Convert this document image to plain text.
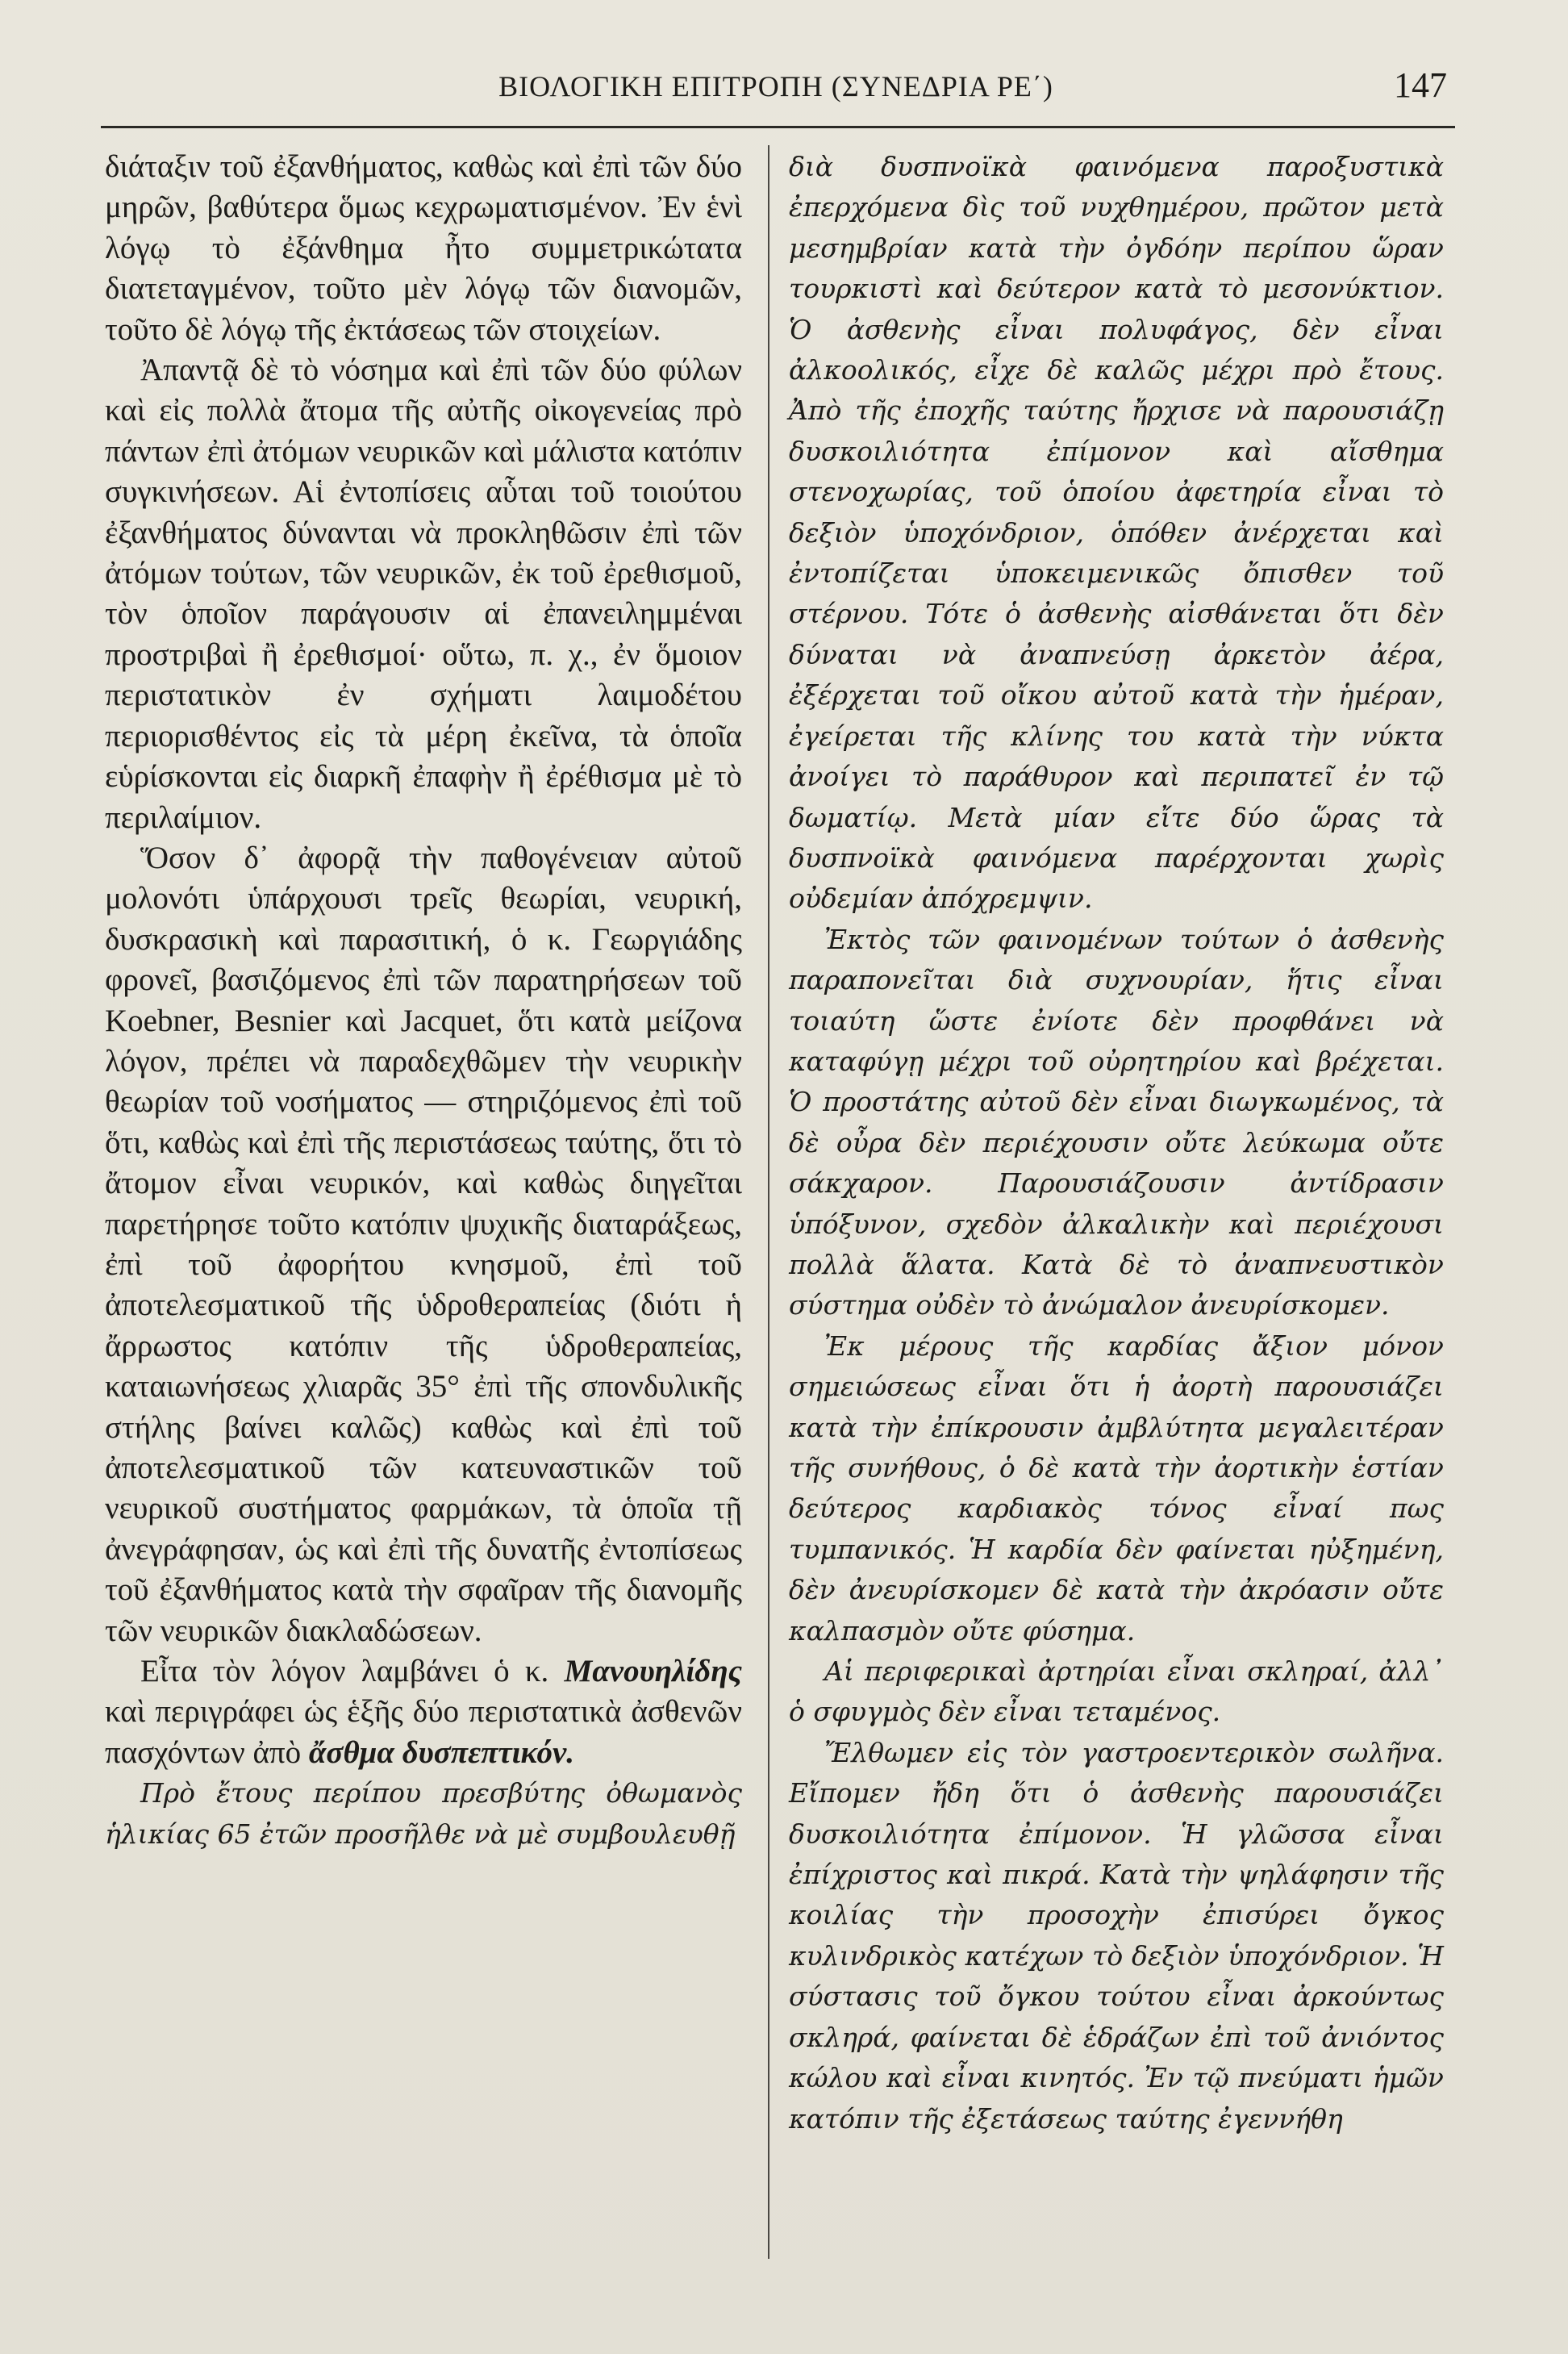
ΒΙΟΛΟΓΙΚΗ ΕΠΙΤΡΟΠΗ (ΣΥΝΕΔΡΙΑ ΡΕ΄)	147

διάταξιν τοῦ ἐξανθήματος, καθὼς καὶ ἐπὶ τῶν δύο μηρῶν, βαθύτερα ὅμως κεχρωματισμένον. Ἐν ἑνὶ λόγῳ τὸ ἐξάνθημα ἦτο συμμετρικώτατα διατεταγμένον, τοῦτο μὲν λόγῳ τῶν διανομῶν, τοῦτο δὲ λόγῳ τῆς ἐκτάσεως τῶν στοιχείων.

Ἀπαντᾷ δὲ τὸ νόσημα καὶ ἐπὶ τῶν δύο φύλων καὶ εἰς πολλὰ ἄτομα τῆς αὐτῆς οἰκογενείας πρὸ πάντων ἐπὶ ἀτόμων νευρικῶν καὶ μάλιστα κατόπιν συγκινήσεων. Αἱ ἐντοπίσεις αὗται τοῦ τοιούτου ἐξανθήματος δύνανται νὰ προκληθῶσιν ἐπὶ τῶν ἀτόμων τούτων, τῶν νευρικῶν, ἐκ τοῦ ἐρεθισμοῦ, τὸν ὁποῖον παράγουσιν αἱ ἐπανειλημμέναι προστριβαὶ ἢ ἐρεθισμοί· οὕτω, π. χ., ἐν ὅμοιον περιστατικὸν ἐν σχήματι λαιμοδέτου περιορισθέντος εἰς τὰ μέρη ἐκεῖνα, τὰ ὁποῖα εὑρίσκονται εἰς διαρκῆ ἐπαφὴν ἢ ἐρέθισμα μὲ τὸ περιλαίμιον.

Ὅσον δ᾽ ἀφορᾷ τὴν παθογένειαν αὐτοῦ μολονότι ὑπάρχουσι τρεῖς θεωρίαι, νευρική, δυσκρασικὴ καὶ παρασιτική, ὁ κ. Γεωργιάδης φρονεῖ, βασιζόμενος ἐπὶ τῶν παρατηρήσεων τοῦ Koebner, Besnier καὶ Jacquet, ὅτι κατὰ μείζονα λόγον, πρέπει νὰ παραδεχθῶμεν τὴν νευρικὴν θεωρίαν τοῦ νοσήματος — στηριζόμενος ἐπὶ τοῦ ὅτι, καθὼς καὶ ἐπὶ τῆς περιστάσεως ταύτης, ὅτι τὸ ἄτομον εἶναι νευρικόν, καὶ καθὼς διηγεῖται παρετήρησε τοῦτο κατόπιν ψυχικῆς διαταράξεως, ἐπὶ τοῦ ἀφορήτου κνησμοῦ, ἐπὶ τοῦ ἀποτελεσματικοῦ τῆς ὑδροθεραπείας (διότι ἡ ἄρρωστος κατόπιν τῆς ὑδροθεραπείας, καταιωνήσεως χλιαρᾶς 35° ἐπὶ τῆς σπονδυλικῆς στήλης βαίνει καλῶς) καθὼς καὶ ἐπὶ τοῦ ἀποτελεσματικοῦ τῶν κατευναστικῶν τοῦ νευρικοῦ συστήματος φαρμάκων, τὰ ὁποῖα τῇ ἀνεγράφησαν, ὡς καὶ ἐπὶ τῆς δυνατῆς ἐντοπίσεως τοῦ ἐξανθήματος κατὰ τὴν σφαῖραν τῆς διανομῆς τῶν νευρικῶν διακλαδώσεων.

Εἶτα τὸν λόγον λαμβάνει ὁ κ. Μανουηλίδης καὶ περιγράφει ὡς ἑξῆς δύο περιστατικὰ ἀσθενῶν πασχόντων ἀπὸ ἄσθμα δυσπεπτικόν.

Πρὸ ἔτους περίπου πρεσβύτης ὀθωμανὸς ἡλικίας 65 ἐτῶν προσῆλθε νὰ μὲ συμβουλευθῇ

διὰ δυσπνοϊκὰ φαινόμενα παροξυστικὰ ἐπερχόμενα δὶς τοῦ νυχθημέρου, πρῶτον μετὰ μεσημβρίαν κατὰ τὴν ὀγδόην περίπου ὥραν τουρκιστὶ καὶ δεύτερον κατὰ τὸ μεσονύκτιον. Ὁ ἀσθενὴς εἶναι πολυφάγος, δὲν εἶναι ἀλκοολικός, εἶχε δὲ καλῶς μέχρι πρὸ ἔτους. Ἀπὸ τῆς ἐποχῆς ταύτης ἤρχισε νὰ παρουσιάζῃ δυσκοιλιότητα ἐπίμονον καὶ αἴσθημα στενοχωρίας, τοῦ ὁποίου ἀφετηρία εἶναι τὸ δεξιὸν ὑποχόνδριον, ὁπόθεν ἀνέρχεται καὶ ἐντοπίζεται ὑποκειμενικῶς ὄπισθεν τοῦ στέρνου. Τότε ὁ ἀσθενὴς αἰσθάνεται ὅτι δὲν δύναται νὰ ἀναπνεύσῃ ἀρκετὸν ἀέρα, ἐξέρχεται τοῦ οἴκου αὐτοῦ κατὰ τὴν ἡμέραν, ἐγείρεται τῆς κλίνης του κατὰ τὴν νύκτα ἀνοίγει τὸ παράθυρον καὶ περιπατεῖ ἐν τῷ δωματίῳ. Μετὰ μίαν εἴτε δύο ὥρας τὰ δυσπνοϊκὰ φαινόμενα παρέρχονται χωρὶς οὐδεμίαν ἀπόχρεμψιν.

Ἐκτὸς τῶν φαινομένων τούτων ὁ ἀσθενὴς παραπονεῖται διὰ συχνουρίαν, ἥτις εἶναι τοιαύτη ὥστε ἐνίοτε δὲν προφθάνει νὰ καταφύγῃ μέχρι τοῦ οὐρητηρίου καὶ βρέχεται. Ὁ προστάτης αὐτοῦ δὲν εἶναι διωγκωμένος, τὰ δὲ οὖρα δὲν περιέχουσιν οὔτε λεύκωμα οὔτε σάκχαρον. Παρουσιάζουσιν ἀντίδρασιν ὑπόξυνον, σχεδὸν ἀλκαλικὴν καὶ περιέχουσι πολλὰ ἅλατα. Κατὰ δὲ τὸ ἀναπνευστικὸν σύστημα οὐδὲν τὸ ἀνώμαλον ἀνευρίσκομεν.

Ἐκ μέρους τῆς καρδίας ἄξιον μόνον σημειώσεως εἶναι ὅτι ἡ ἀορτὴ παρουσιάζει κατὰ τὴν ἐπίκρουσιν ἀμβλύτητα μεγαλειτέραν τῆς συνήθους, ὁ δὲ κατὰ τὴν ἀορτικὴν ἑστίαν δεύτερος καρδιακὸς τόνος εἶναί πως τυμπανικός. Ἡ καρδία δὲν φαίνεται ηὐξημένη, δὲν ἀνευρίσκομεν δὲ κατὰ τὴν ἀκρόασιν οὔτε καλπασμὸν οὔτε φύσημα.

Αἱ περιφερικαὶ ἀρτηρίαι εἶναι σκληραί, ἀλλ᾽ ὁ σφυγμὸς δὲν εἶναι τεταμένος.

Ἔλθωμεν εἰς τὸν γαστροεντερικὸν σωλῆνα. Εἴπομεν ἤδη ὅτι ὁ ἀσθενὴς παρουσιάζει δυσκοιλιότητα ἐπίμονον. Ἡ γλῶσσα εἶναι ἐπίχριστος καὶ πικρά. Κατὰ τὴν ψηλάφησιν τῆς κοιλίας τὴν προσοχὴν ἐπισύρει ὄγκος κυλινδρικὸς κατέχων τὸ δεξιὸν ὑποχόνδριον. Ἡ σύστασις τοῦ ὄγκου τούτου εἶναι ἀρκούντως σκληρά, φαίνεται δὲ ἑδράζων ἐπὶ τοῦ ἀνιόντος κώλου καὶ εἶναι κινητός. Ἐν τῷ πνεύματι ἡμῶν κατόπιν τῆς ἐξετάσεως ταύτης ἐγεννήθη
